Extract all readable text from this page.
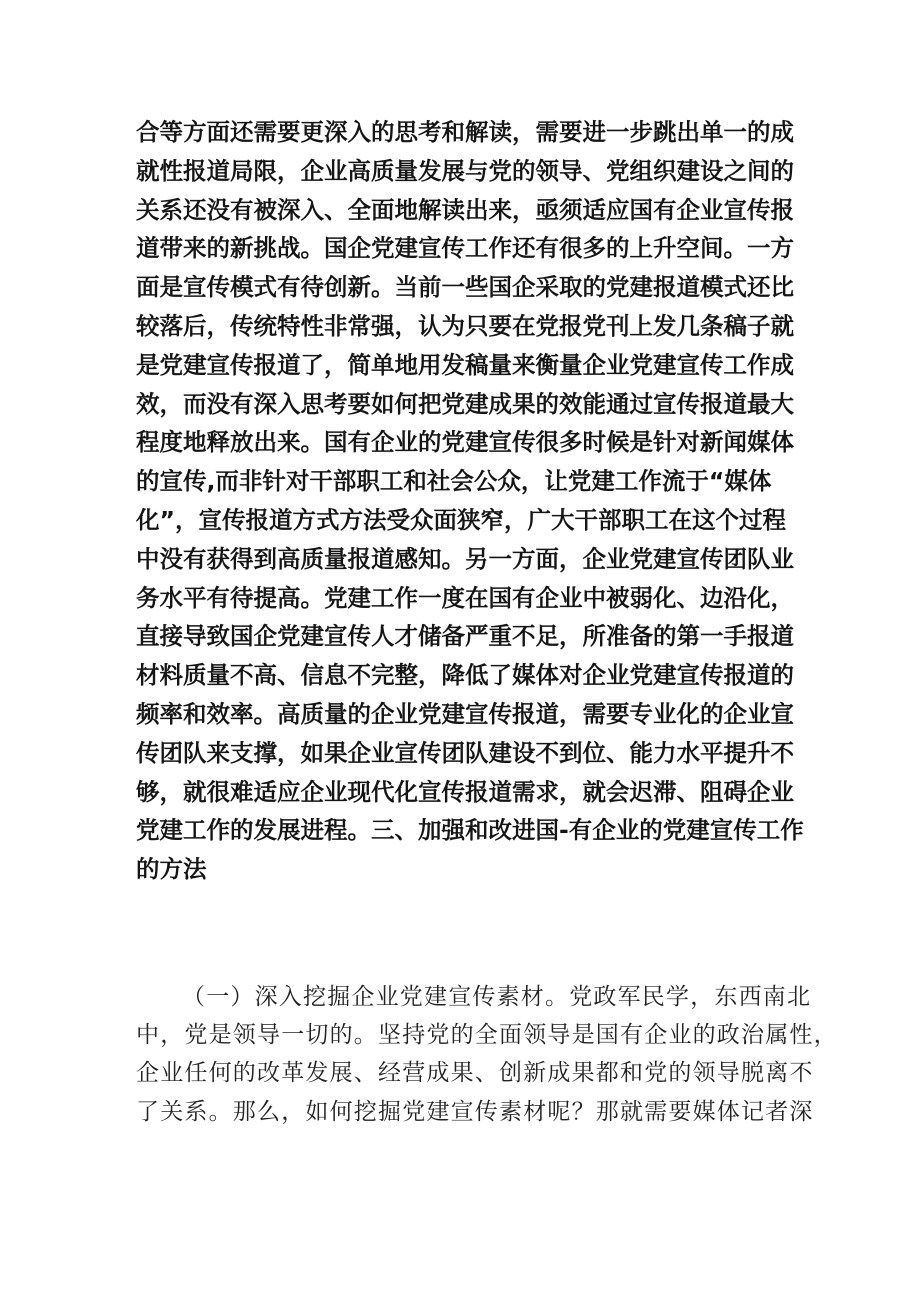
合等方面还需要更深入的思考和解读，需要进一步跳出单一的成
就性报道局限，企业高质量发展与党的领导、党组织建设之间的
关系还没有被深入、全面地解读出来，亟须适应国有企业宣传报
道带来的新挑战。国企党建宣传工作还有很多的上升空间。一方
面是宣传模式有待创新。当前一些国企采取的党建报道模式还比
较落后，传统特性非常强，认为只要在党报党刊上发几条稿子就
是党建宣传报道了，简单地用发稿量来衡量企业党建宣传工作成
效，而没有深入思考要如何把党建成果的效能通过宣传报道最大
程度地释放出来。国有企业的党建宣传很多时候是针对新闻媒体
的宣传,而非针对干部职工和社会公众，让党建工作流于“媒体
化”，宣传报道方式方法受众面狭窄，广大干部职工在这个过程
中没有获得到高质量报道感知。另一方面，企业党建宣传团队业
务水平有待提高。党建工作一度在国有企业中被弱化、边沿化，
直接导致国企党建宣传人才储备严重不足，所准备的第一手报道
材料质量不高、信息不完整，降低了媒体对企业党建宣传报道的
频率和效率。高质量的企业党建宣传报道，需要专业化的企业宣
传团队来支撑，如果企业宣传团队建设不到位、能力水平提升不
够，就很难适应企业现代化宣传报道需求，就会迟滞、阻碍企业
党建工作的发展进程。三、加强和改进国-有企业的党建宣传工作
的方法
（一）深入挖掘企业党建宣传素材。党政军民学，东西南北
中，党是领导一切的。坚持党的全面领导是国有企业的政治属性，
企业任何的改革发展、经营成果、创新成果都和党的领导脱离不
了关系。那么，如何挖掘党建宣传素材呢？那就需要媒体记者深
